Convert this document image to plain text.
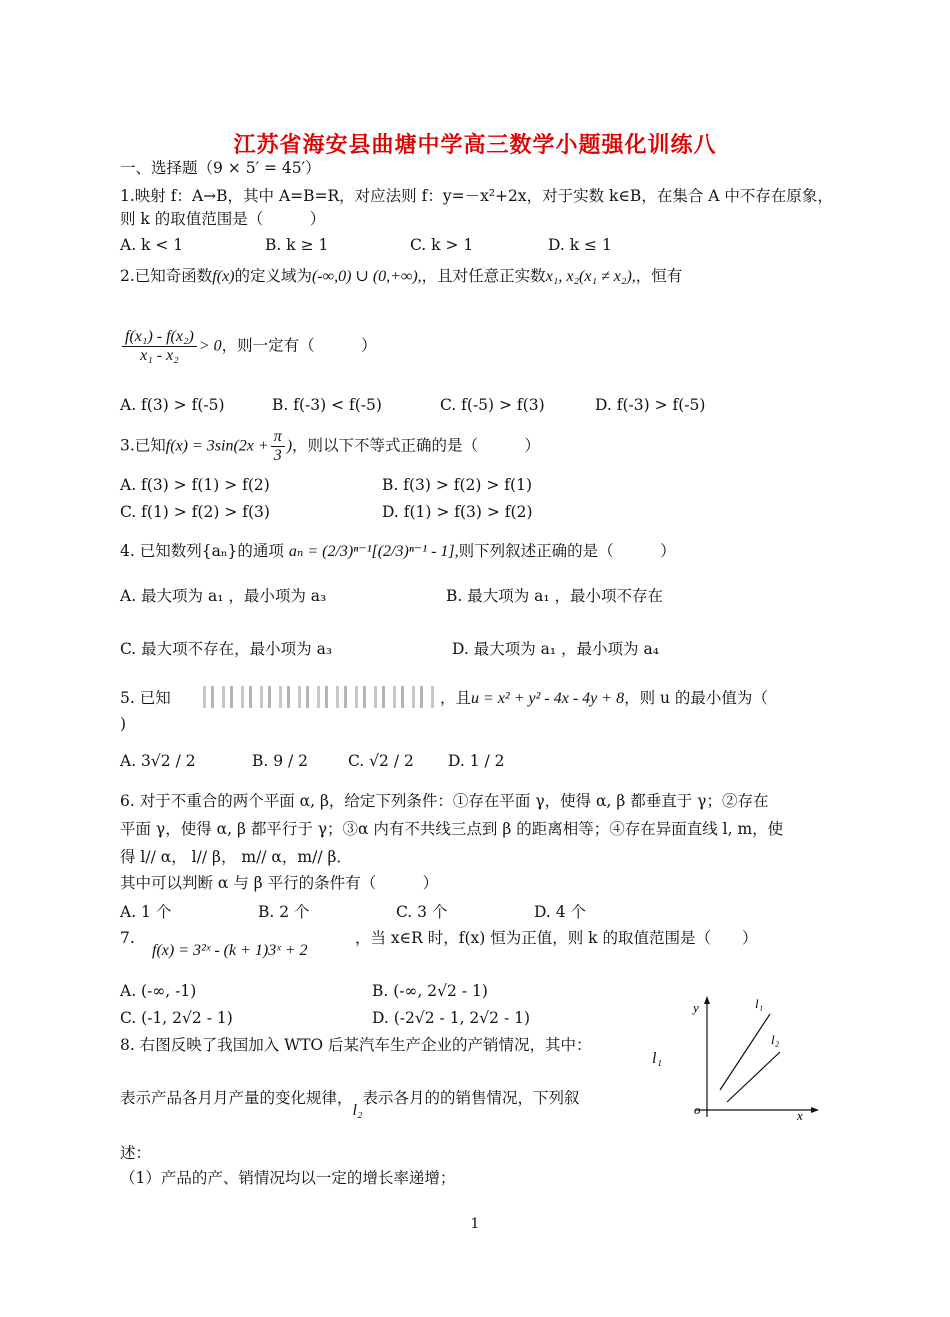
江苏省海安县曲塘中学高三数学小题强化训练八
一、选择题（9 × 5′ = 45′）
1.映射 f：A→B，其中 A=B=R，对应法则 f：y=－x²+2x，对于实数 k∈B，在集合 A 中不存在原象，
则 k 的取值范围是（　　　）
A. k < 1	B. k ≥ 1	C. k > 1	D. k ≤ 1
2.已知奇函数f(x)的定义域为(-∞,0) ∪ (0,+∞),，且对任意正实数x₁, x₂(x₁ ≠ x₂),，恒有
$\frac{\text{f(x₁) - f(x₂)}}{\text{x₁ - x₂}} > 0$，则一定有（　　　）
A. f(3) > f(-5)	B. f(-3) < f(-5)	C. f(-5) > f(3)	D. f(-3) > f(-5)
3.已知$f(x) = 3\sin(2x + \frac{\pi}{3}$ )，则以下不等式正确的是（　　　）
A. f(3) > f(1) > f(2)	B. f(3) > f(2) > f(1)
C. f(1) > f(2) > f(3)	D. f(1) > f(3) > f(2)
4. 已知数列{aₙ}的通项 aₙ = (2/3)ⁿ⁻¹[(2/3)ⁿ⁻¹ - 1],则下列叙述正确的是（　　　）
A. 最大项为 a₁ ，最小项为 a₃	B. 最大项为 a₁ ，最小项不存在
C. 最大项不存在，最小项为 a₃	D. 最大项为 a₁ ，最小项为 a₄
5. 已知	，且u = x² + y² - 4x - 4y + 8，则 u 的最小值为（
)
A. 3√2 / 2	B. 9 / 2	C. √2 / 2 D. 1 / 2
6. 对于不重合的两个平面 α, β，给定下列条件：①存在平面 γ，使得 α, β 都垂直于 γ；②存在
平面 γ，使得 α, β 都平行于 γ；③α 内有不共线三点到 β 的距离相等；④存在异面直线 l, m，使
得 l// α， l// β， m// α，m// β．
其中可以判断 α 与 β 平行的条件有（　　　）
A. 1 个	B. 2 个	C. 3 个	D. 4 个
7.
f(x) = 3²ˣ - (k + 1)3ˣ + 2
，当 x∈R 时，f(x) 恒为正值，则 k 的取值范围是（　　）
A. (-∞, -1)	B. (-∞, 2√2 - 1)
C. (-1, 2√2 - 1)	D. (-2√2 - 1, 2√2 - 1)
8. 右图反映了我国加入 WTO 后某汽车生产企业的产销情况，其中：
l₁
表示产品各月月产量的变化规律，l₂表示各月的的销售情况，下列叙
述：
（1）产品的产、销情况均以一定的增长率递增；
y
x
o
l₁
l₂
1
